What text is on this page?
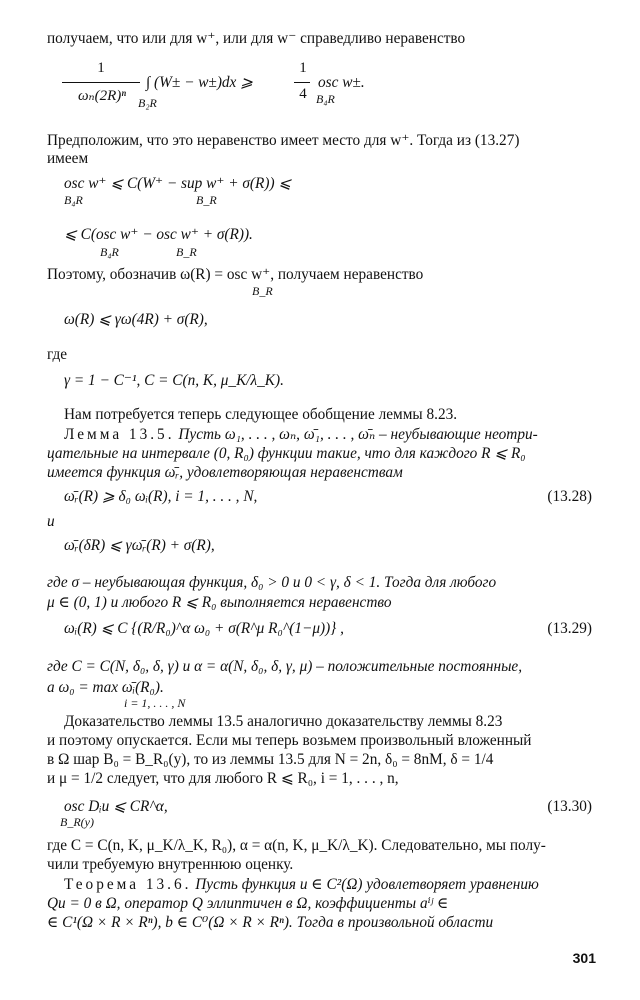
получаем, что или для w⁺, или для w⁻ справедливо неравенство
1
ωₙ(2R)ⁿ
∫ (W± − w±)dx ⩾
B₂R
1
4
osc w±.
B₄R
Предположим, что это неравенство имеет место для w⁺. Тогда из (13.27)
имеем
osc w⁺ ⩽ C(W⁺ − sup w⁺ + σ(R)) ⩽
B₄R	B_R
⩽ C(osc w⁺ − osc w⁺ + σ(R)).
B₄R	B_R
Поэтому, обозначив ω(R) = osc w⁺, получаем неравенство
B_R
ω(R) ⩽ γω(4R) + σ(R),
где
γ = 1 − C⁻¹, C = C(n, K, μ_K/λ_K).
Нам потребуется теперь следующее обобщение леммы 8.23.
Лемма 13.5. Пусть ω₁, . . . , ωₙ, ω̄₁, . . . , ω̄ₙ – неубывающие неотри-
цательные на интервале (0, R₀) функции такие, что для каждого R ⩽ R₀
имеется функция ω̄ᵣ, удовлетворяющая неравенствам
ω̄ᵣ(R) ⩾ δ₀ ωᵢ(R), i = 1, . . . , N,	(13.28)
и
ω̄ᵣ(δR) ⩽ γω̄ᵣ(R) + σ(R),
где σ – неубывающая функция, δ₀ > 0 и 0 < γ, δ < 1. Тогда для любого
μ ∈ (0, 1) и любого R ⩽ R₀ выполняется неравенство
ωᵢ(R) ⩽ C {(R/R₀)^α ω₀ + σ(R^μ R₀^(1−μ))} ,	(13.29)
где C = C(N, δ₀, δ, γ) и α = α(N, δ₀, δ, γ, μ) – положительные постоянные,
а ω₀ = max ω̄ᵢ(R₀).
i = 1, . . . , N
Доказательство леммы 13.5 аналогично доказательству леммы 8.23
и поэтому опускается. Если мы теперь возьмем произвольный вложенный
в Ω шар B₀ = B_R₀(y), то из леммы 13.5 для N = 2n, δ₀ = 8nM, δ = 1/4
и μ = 1/2 следует, что для любого R ⩽ R₀, i = 1, . . . , n,
osc Dᵢu ⩽ CR^α,
B_R(y)
(13.30)
где C = C(n, K, μ_K/λ_K, R₀), α = α(n, K, μ_K/λ_K). Следовательно, мы полу-
чили требуемую внутреннюю оценку.
Теорема 13.6. Пусть функция u ∈ C²(Ω) удовлетворяет уравнению
Qu = 0 в Ω, оператор Q эллиптичен в Ω, коэффициенты aⁱʲ ∈
∈ C¹(Ω × R × Rⁿ), b ∈ C⁰(Ω × R × Rⁿ). Тогда в произвольной области
301
